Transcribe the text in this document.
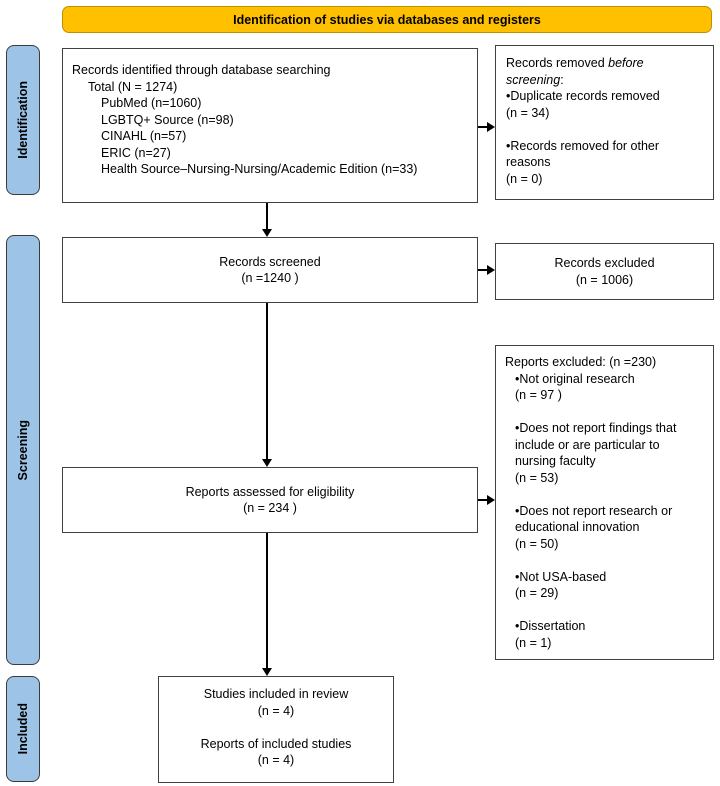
Identification of studies via databases and registers
Identification
Screening
Included
Records identified through database searching
Total (N = 1274)
PubMed (n=1060)
LGBTQ+ Source (n=98)
CINAHL (n=57)
ERIC (n=27)
Health Source–Nursing-Nursing/Academic Edition (n=33)
Records removed before
screening:
•Duplicate records removed
(n = 34)
•Records removed for other
reasons
(n = 0)
Records screened
(n =1240 )
Records excluded
(n = 1006)
Reports excluded: (n =230)
•Not original research
(n = 97 )
•Does not report findings that
include or are particular to
nursing faculty
(n = 53)
•Does not report research or
educational innovation
(n = 50)
•Not USA-based
(n = 29)
•Dissertation
(n = 1)
Reports assessed for eligibility
(n = 234 )
Studies included in review
(n = 4)
Reports of included studies
(n = 4)
